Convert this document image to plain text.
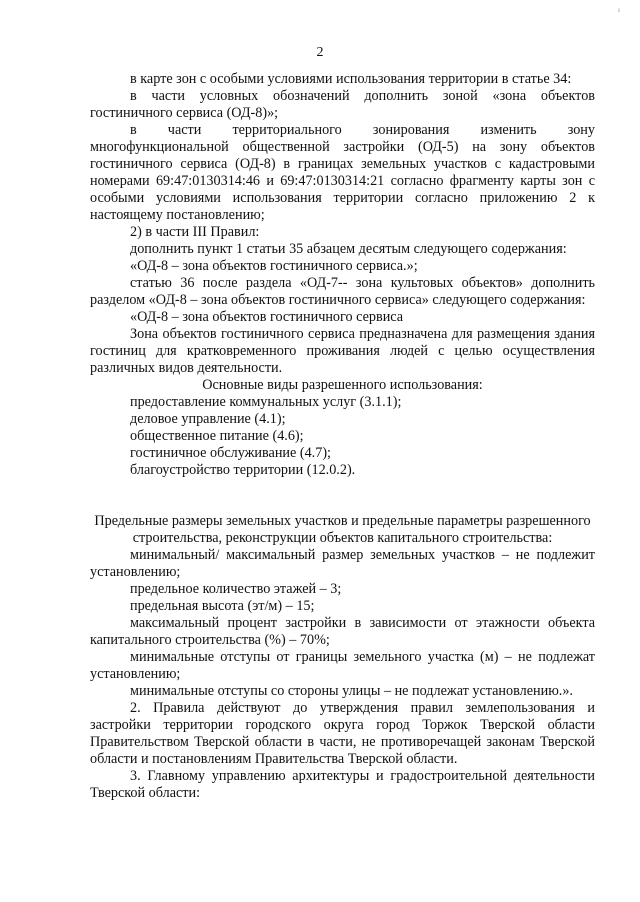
ı
2

в карте зон с особыми условиями использования территории в статье 34:

в части условных обозначений дополнить зоной «зона объектов гостиничного сервиса (ОД-8)»;

в части территориального зонирования изменить зону многофункциональной общественной застройки (ОД-5) на зону объектов гостиничного сервиса (ОД-8) в границах земельных участков с кадастровыми номерами 69:47:0130314:46 и 69:47:0130314:21 согласно фрагменту карты зон с особыми условиями использования территории согласно приложению 2 к настоящему постановлению;

2) в части III Правил:

дополнить пункт 1 статьи 35 абзацем десятым следующего содержания:

«ОД-8 – зона объектов гостиничного сервиса.»;

статью 36 после раздела «ОД-7-- зона культовых объектов» дополнить разделом «ОД-8 – зона объектов гостиничного сервиса» следующего содержания:

«ОД-8 – зона объектов гостиничного сервиса

Зона объектов гостиничного сервиса предназначена для размещения здания гостиниц для кратковременного проживания людей с целью осуществления различных видов деятельности.

Основные виды разрешенного использования:

предоставление коммунальных услуг (3.1.1);

деловое управление (4.1);

общественное питание (4.6);

гостиничное обслуживание (4.7);

благоустройство территории (12.0.2).

Предельные размеры земельных участков и предельные параметры разрешенного строительства, реконструкции объектов капитального строительства:

минимальный/ максимальный размер земельных участков – не подлежит установлению;

предельное количество этажей – 3;

предельная высота (эт/м) – 15;

максимальный процент застройки в зависимости от этажности объекта капитального строительства (%) – 70%;

минимальные отступы от границы земельного участка (м) – не подлежат установлению;

минимальные отступы со стороны улицы – не подлежат установлению.».

2. Правила действуют до утверждения правил землепользования и застройки территории городского округа город Торжок Тверской области Правительством Тверской области в части, не противоречащей законам Тверской области и постановлениям Правительства Тверской области.

3. Главному управлению архитектуры и градостроительной деятельности Тверской области:
